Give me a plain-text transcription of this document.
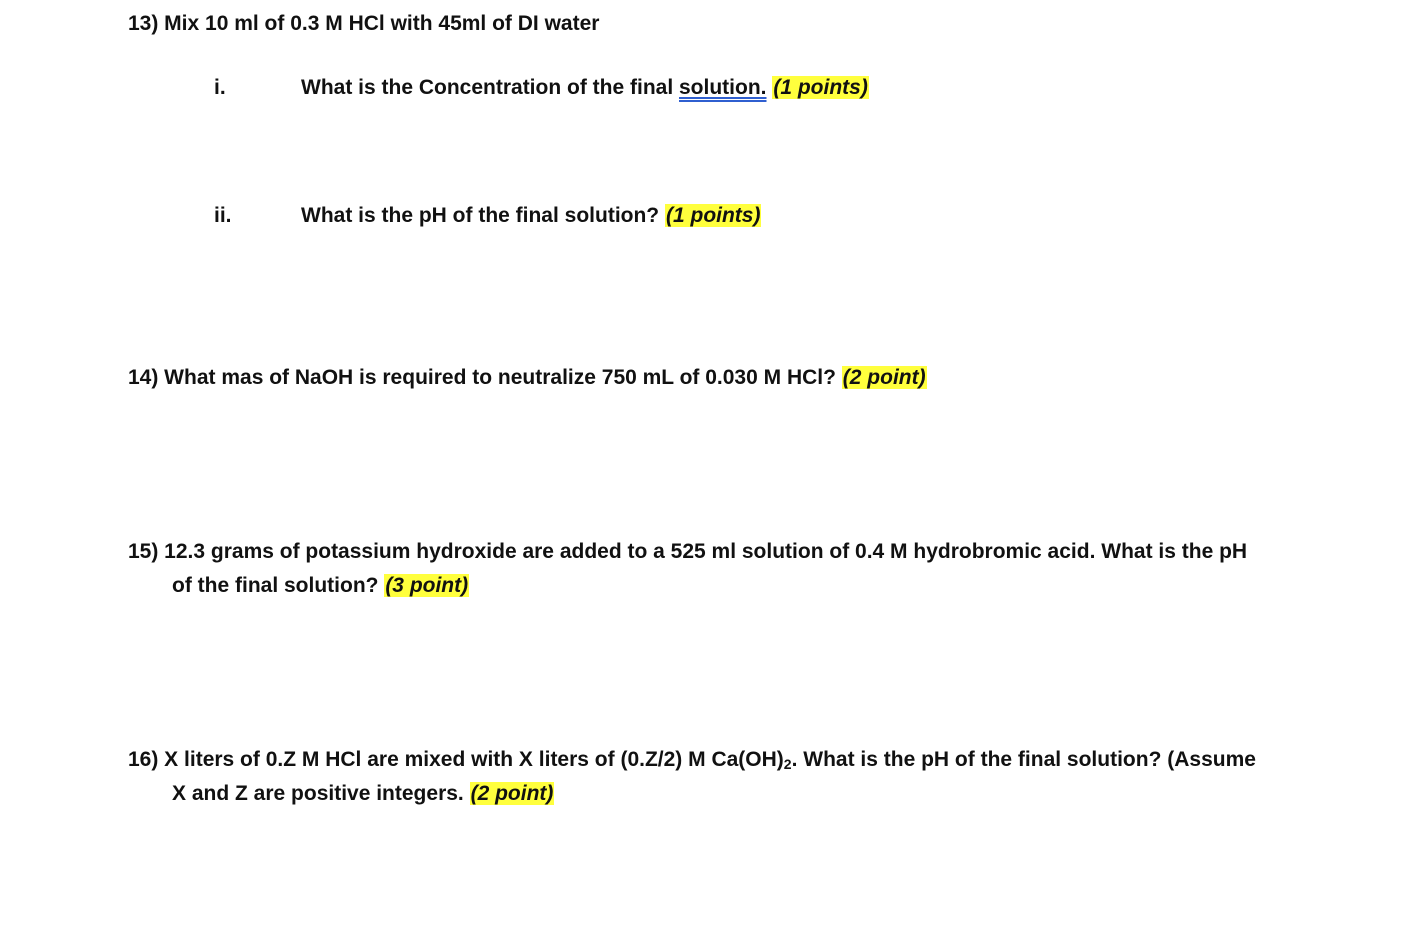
13) Mix 10 ml of 0.3 M HCl with 45ml of DI water
i.	What is the Concentration of the final solution. (1 points)
ii.	What is the pH of the final solution? (1 points)
14) What mas of NaOH is required to neutralize 750 mL of 0.030 M HCl? (2 point)
15) 12.3 grams of potassium hydroxide are added to a 525 ml solution of 0.4 M hydrobromic acid. What is the pH
of the final solution? (3 point)
16) X liters of 0.Z M HCl are mixed with X liters of (0.Z/2) M $Ca(OH)_2$. What is the pH of the final solution? (Assume
X and Z are positive integers. (2 point)
